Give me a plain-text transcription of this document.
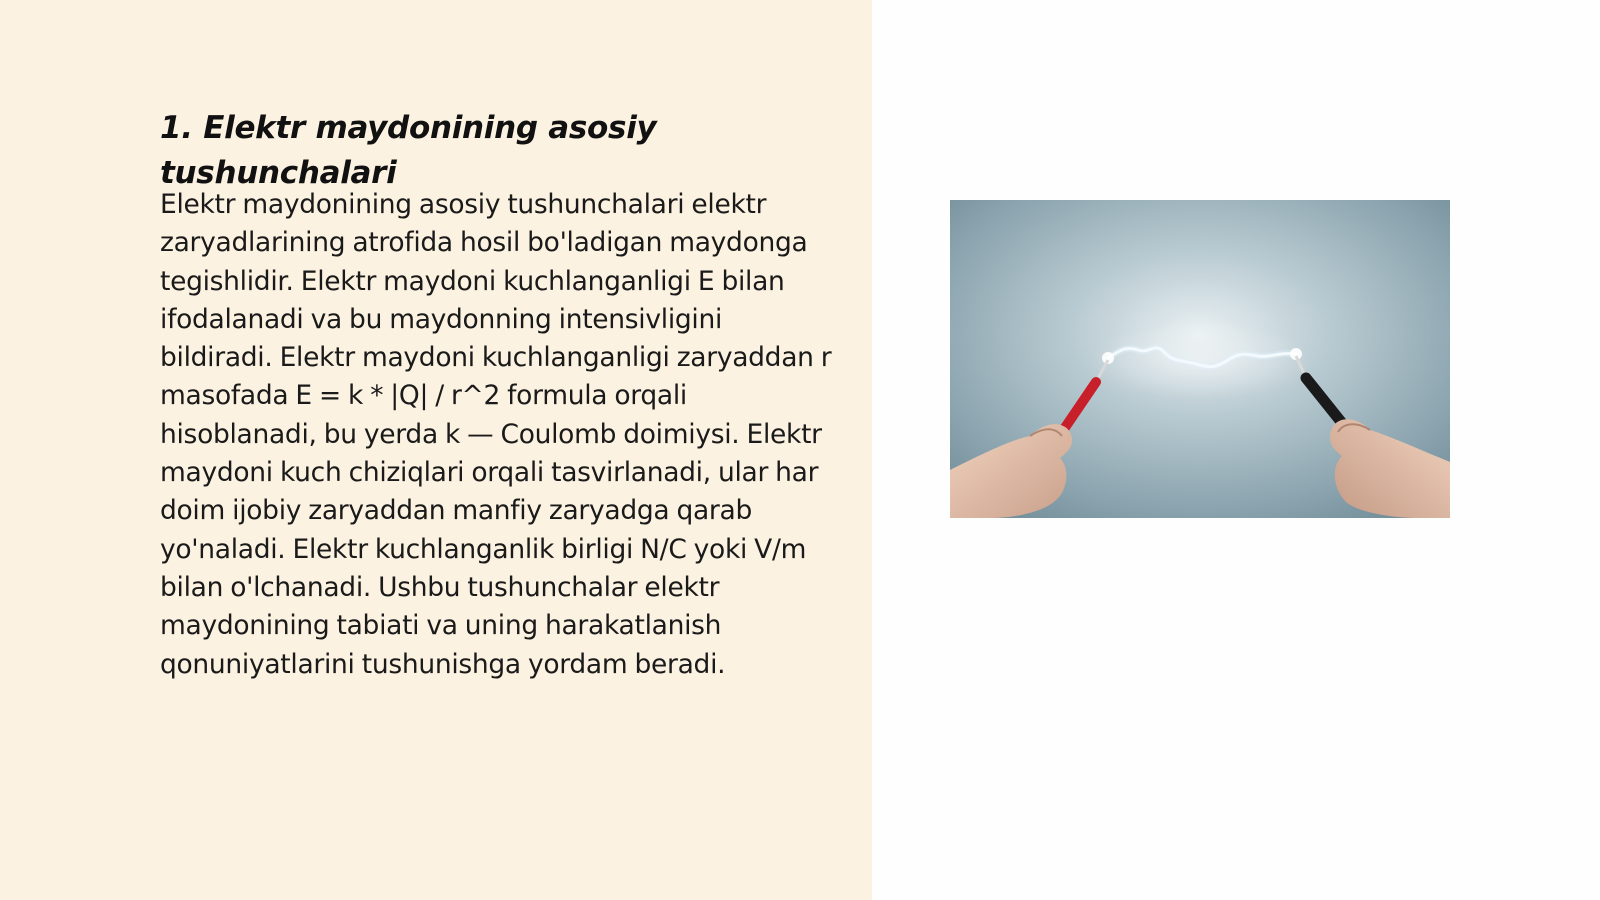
1. Elektr maydonining asosiy tushunchalari

Elektr maydonining asosiy tushunchalari elektr zaryadlarining atrofida hosil bo'ladigan maydonga tegishlidir. Elektr maydoni kuchlanganligi E bilan ifodalanadi va bu maydonning intensivligini bildiradi. Elektr maydoni kuchlanganligi zaryaddan r masofada E = k * |Q| / r^2 formula orqali hisoblanadi, bu yerda k — Coulomb doimiysi. Elektr maydoni kuch chiziqlari orqali tasvirlanadi, ular har doim ijobiy zaryaddan manfiy zaryadga qarab yo'naladi. Elektr kuchlanganlik birligi N/C yoki V/m bilan o'lchanadi. Ushbu tushunchalar elektr maydonining tabiati va uning harakatlanish qonuniyatlarini tushunishga yordam beradi.
